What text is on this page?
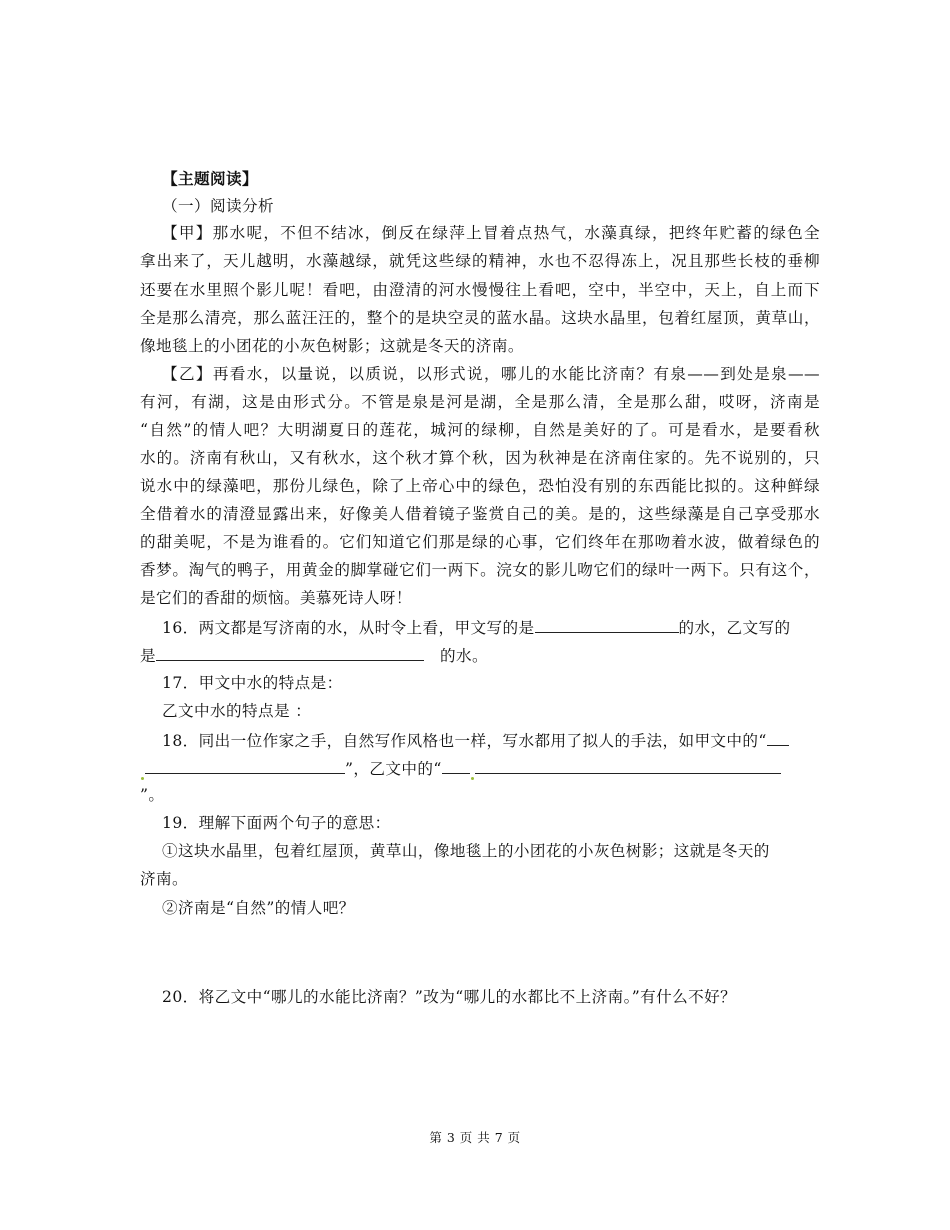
【主题阅读】
（一）阅读分析
【甲】那水呢，不但不结冰，倒反在绿萍上冒着点热气，水藻真绿，把终年贮蓄的绿色全
拿出来了，天儿越明，水藻越绿，就凭这些绿的精神，水也不忍得冻上，况且那些长枝的垂柳
还要在水里照个影儿呢！看吧，由澄清的河水慢慢往上看吧，空中，半空中，天上，自上而下
全是那么清亮，那么蓝汪汪的，整个的是块空灵的蓝水晶。这块水晶里，包着红屋顶，黄草山，
像地毯上的小团花的小灰色树影；这就是冬天的济南。
【乙】再看水，以量说，以质说，以形式说，哪儿的水能比济南？有泉——到处是泉——
有河，有湖，这是由形式分。不管是泉是河是湖，全是那么清，全是那么甜，哎呀，济南是
“自然”的情人吧？大明湖夏日的莲花，城河的绿柳，自然是美好的了。可是看水，是要看秋
水的。济南有秋山，又有秋水，这个秋才算个秋，因为秋神是在济南住家的。先不说别的，只
说水中的绿藻吧，那份儿绿色，除了上帝心中的绿色，恐怕没有别的东西能比拟的。这种鲜绿
全借着水的清澄显露出来，好像美人借着镜子鉴赏自己的美。是的，这些绿藻是自己享受那水
的甜美呢，不是为谁看的。它们知道它们那是绿的心事，它们终年在那吻着水波，做着绿色的
香梦。淘气的鸭子，用黄金的脚掌碰它们一两下。浣女的影儿吻它们的绿叶一两下。只有这个，
是它们的香甜的烦恼。美慕死诗人呀！
16．两文都是写济南的水，从时令上看，甲文写的是	的水，乙文写的
是	的水。
17．甲文中水的特点是：
乙文中水的特点是 ：
18．同出一位作家之手，自然写作风格也一样，写水都用了拟人的手法，如甲文中的“
”，乙文中的“
”。
19．理解下面两个句子的意思：
①这块水晶里，包着红屋顶，黄草山，像地毯上的小团花的小灰色树影；这就是冬天的
济南。
②济南是“自然”的情人吧？
20．将乙文中“哪儿的水能比济南？”改为“哪儿的水都比不上济南。”有什么不好？
第 3 页 共 7 页
